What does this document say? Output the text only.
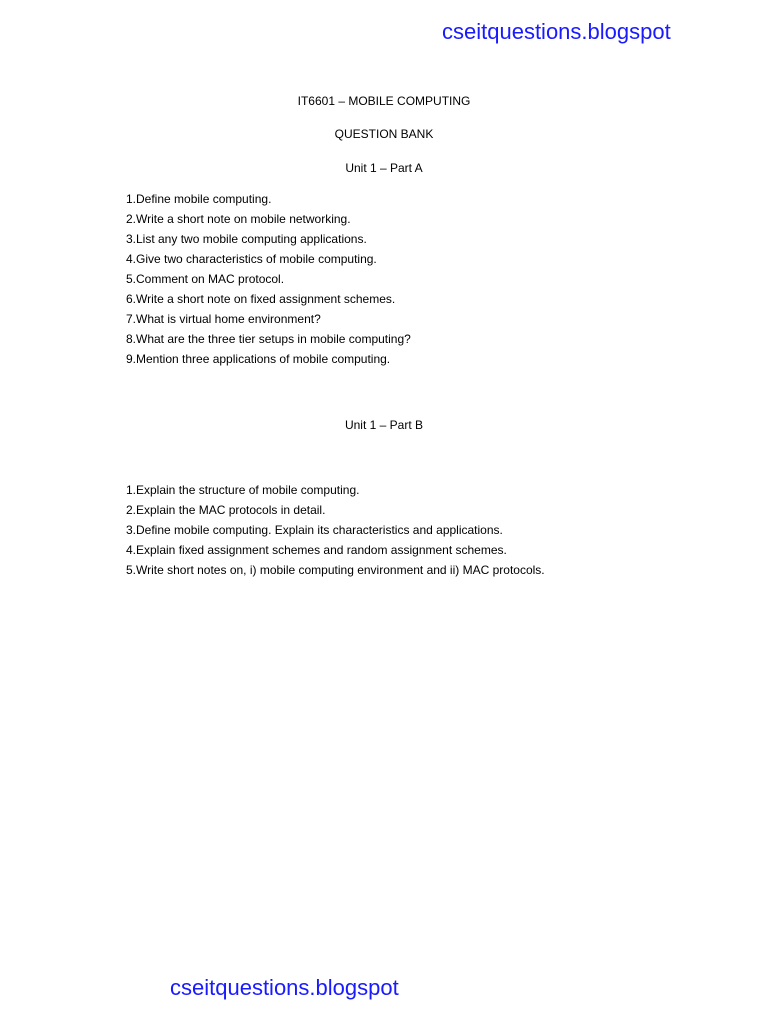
cseitquestions.blogspot
IT6601 – MOBILE COMPUTING
QUESTION BANK
Unit 1 – Part A
1. Define mobile computing.
2. Write a short note on mobile networking.
3. List any two mobile computing applications.
4. Give two characteristics of mobile computing.
5. Comment on MAC protocol.
6. Write a short note on fixed assignment schemes.
7. What is virtual home environment?
8. What are the three tier setups in mobile computing?
9. Mention three applications of mobile computing.
Unit 1 – Part B
1. Explain the structure of mobile computing.
2. Explain the MAC protocols in detail.
3. Define mobile computing. Explain its characteristics and applications.
4. Explain fixed assignment schemes and random assignment schemes.
5. Write short notes on, i) mobile computing environment and ii) MAC protocols.
cseitquestions.blogspot
